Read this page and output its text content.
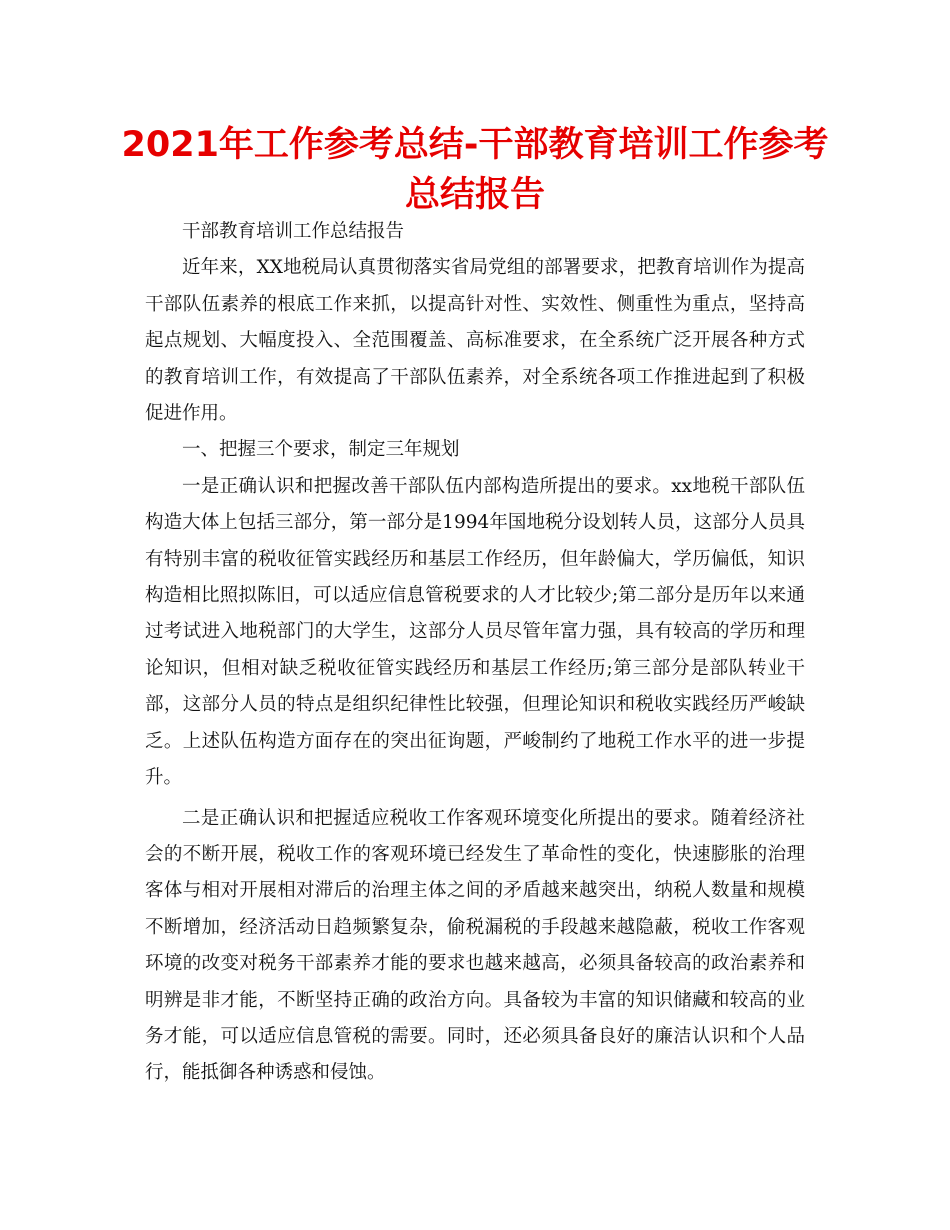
2021年工作参考总结-干部教育培训工作参考总结报告

干部教育培训工作总结报告

近年来，XX地税局认真贯彻落实省局党组的部署要求，把教育培训作为提高干部队伍素养的根底工作来抓，以提高针对性、实效性、侧重性为重点，坚持高起点规划、大幅度投入、全范围覆盖、高标准要求，在全系统广泛开展各种方式的教育培训工作，有效提高了干部队伍素养，对全系统各项工作推进起到了积极促进作用。

一、把握三个要求，制定三年规划

一是正确认识和把握改善干部队伍内部构造所提出的要求。xx地税干部队伍构造大体上包括三部分，第一部分是1994年国地税分设划转人员，这部分人员具有特别丰富的税收征管实践经历和基层工作经历，但年龄偏大，学历偏低，知识构造相比照拟陈旧，可以适应信息管税要求的人才比较少;第二部分是历年以来通过考试进入地税部门的大学生，这部分人员尽管年富力强，具有较高的学历和理论知识，但相对缺乏税收征管实践经历和基层工作经历;第三部分是部队转业干部，这部分人员的特点是组织纪律性比较强，但理论知识和税收实践经历严峻缺乏。上述队伍构造方面存在的突出征询题，严峻制约了地税工作水平的进一步提升。

二是正确认识和把握适应税收工作客观环境变化所提出的要求。随着经济社会的不断开展，税收工作的客观环境已经发生了革命性的变化，快速膨胀的治理客体与相对开展相对滞后的治理主体之间的矛盾越来越突出，纳税人数量和规模不断增加，经济活动日趋频繁复杂，偷税漏税的手段越来越隐蔽，税收工作客观环境的改变对税务干部素养才能的要求也越来越高，必须具备较高的政治素养和明辨是非才能，不断坚持正确的政治方向。具备较为丰富的知识储藏和较高的业务才能，可以适应信息管税的需要。同时，还必须具备良好的廉洁认识和个人品行，能抵御各种诱惑和侵蚀。
